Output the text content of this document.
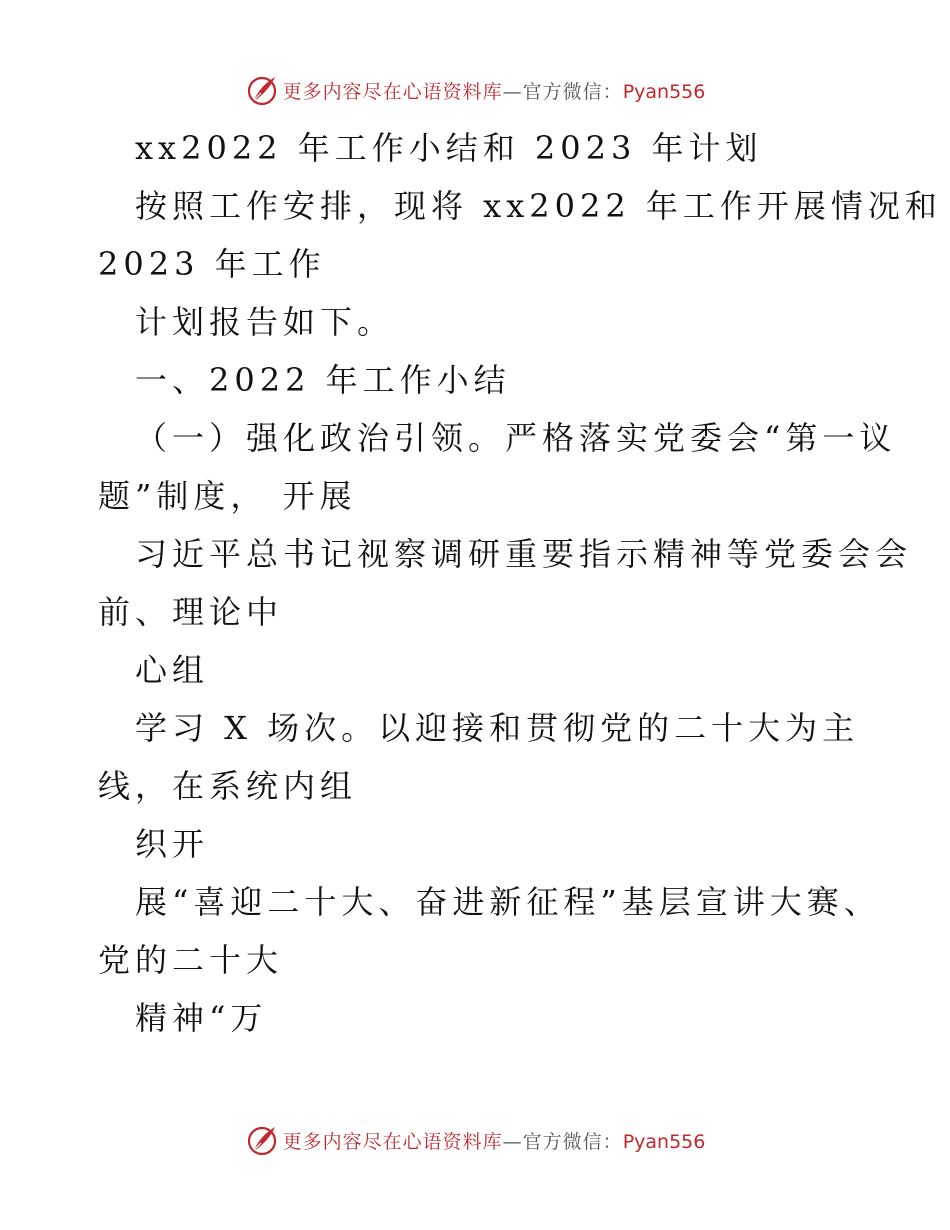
更多内容尽在心语资料库—官方微信：Pyan556
xx2022 年工作小结和 2023 年计划
按照工作安排，现将 xx2022 年工作开展情况和
2023 年工作
计划报告如下。
一、2022 年工作小结
（一）强化政治引领。严格落实党委会“第一议
题”制度， 开展
习近平总书记视察调研重要指示精神等党委会会
前、理论中
心组
学习 X 场次。以迎接和贯彻党的二十大为主
线，在系统内组
织开
展“喜迎二十大、奋进新征程”基层宣讲大赛、
党的二十大
精神“万
更多内容尽在心语资料库—官方微信：Pyan556
